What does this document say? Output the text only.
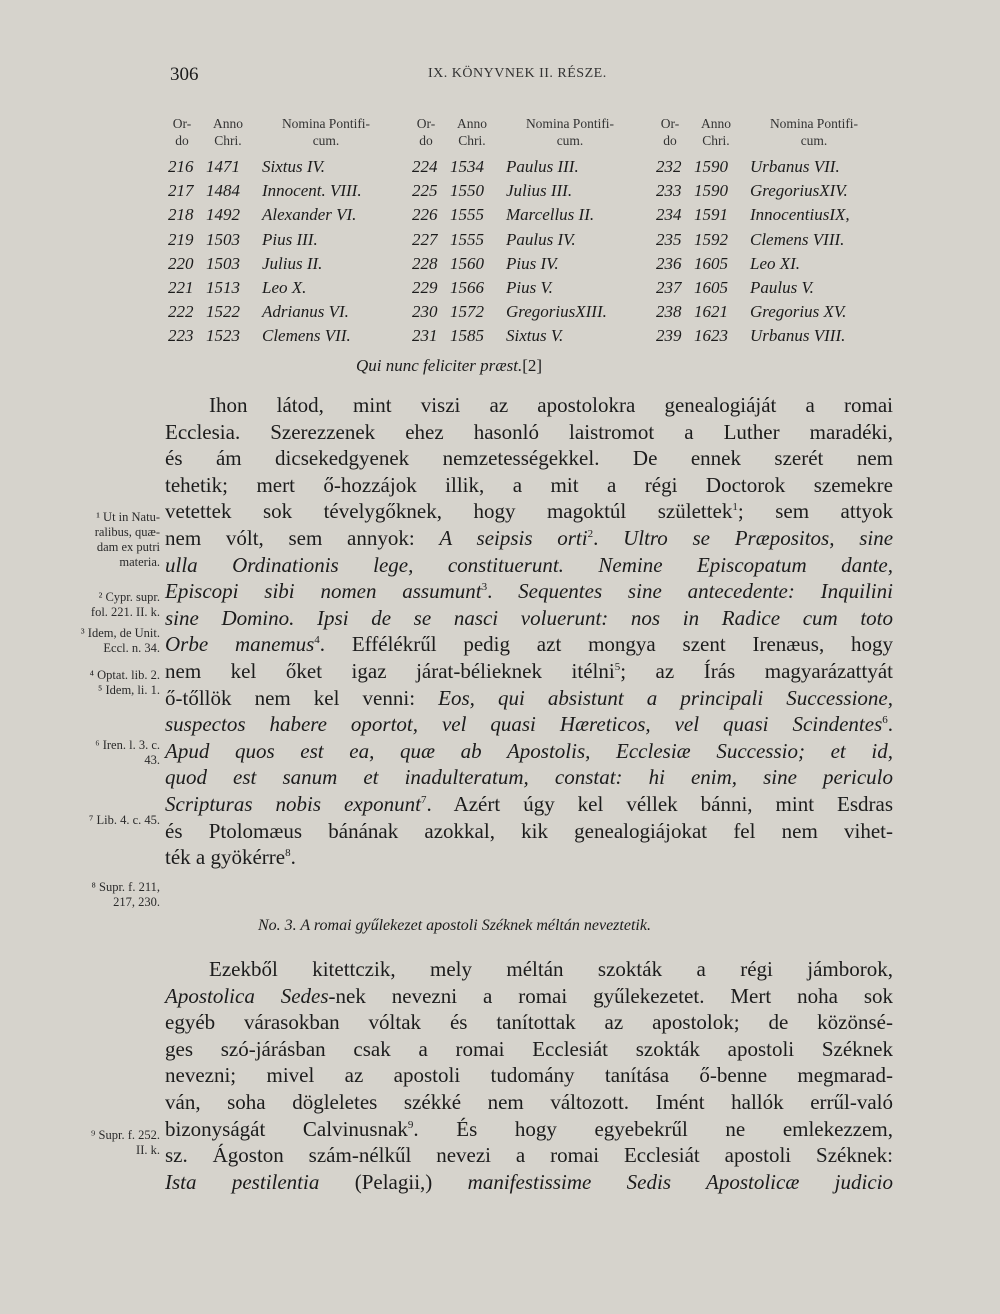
306	IX. KÖNYVNEK II. RÉSZE.
Or-
do
Anno
Chri.
Nomina Pontifi-
cum.
216 1471 Sixtus IV.
217 1484 Innocent. VIII.
218 1492 Alexander VI.
219 1503 Pius III.
220 1503 Julius II.
221 1513 Leo X.
222 1522 Adrianus VI.
223 1523 Clemens VII.
Or-
do
Anno
Chri.
Nomina Pontifi-
cum.
224 1534 Paulus III.
225 1550 Julius III.
226 1555 Marcellus II.
227 1555 Paulus IV.
228 1560 Pius IV.
229 1566 Pius V.
230 1572 GregoriusXIII.
231 1585 Sixtus V.
Or-
do
Anno
Chri.
Nomina Pontifi-
cum.
232 1590 Urbanus VII.
233 1590 GregoriusXIV.
234 1591 InnocentiusIX,
235 1592 Clemens VIII.
236 1605 Leo XI.
237 1605 Paulus V.
238 1621 Gregorius XV.
239 1623 Urbanus VIII.
Qui nunc feliciter præst.[2]
Ihon látod, mint viszi az apostolokra genealogiáját a romai
Ecclesia. Szerezzenek ehez hasonló laistromot a Luther maradéki,
és ám dicsekedgyenek nemzetességekkel. De ennek szerét nem
tehetik; mert ő-hozzájok illik, a mit a régi Doctorok szemekre
vetettek sok tévelygőknek, hogy magoktúl születtek$^1$; sem attyok
nem vólt, sem annyok: A seipsis orti$^2$. Ultro se Præpositos, sine
ulla Ordinationis lege, constituerunt. Nemine Episcopatum dante,
Episcopi sibi nomen assumunt$^3$. Sequentes sine antecedente: Inquilini
sine Domino. Ipsi de se nasci voluerunt: nos in Radice cum toto
Orbe manemus$^4$. Effélékrűl pedig azt mongya szent Irenæus, hogy
nem kel őket igaz járat-bélieknek itélni$^5$; az Írás magyarázattyát
ő-tőllök nem kel venni: Eos, qui absistunt a principali Successione,
suspectos habere oportot, vel quasi Hæreticos, vel quasi Scindentes$^6$.
Apud quos est ea, quæ ab Apostolis, Ecclesiæ Successio; et id,
quod est sanum et inadulteratum, constat: hi enim, sine periculo
Scripturas nobis exponunt$^7$. Azért úgy kel véllek bánni, mint Esdras
és Ptolomæus bánának azokkal, kik genealogiájokat fel nem vihet-
ték a gyökérre$^8$.
¹ Ut in Natu-
ralibus, quæ-
dam ex putri
materia.
² Cypr. supr.
fol. 221. II. k.
³ Idem, de Unit.
Eccl. n. 34.
⁴ Optat. lib. 2.
⁵ Idem, li. 1.
⁶ Iren. l. 3. c.
43.
⁷ Lib. 4. c. 45.
⁸ Supr. f. 211,
217, 230.
⁹ Supr. f. 252.
II. k.
No. 3. A romai gyűlekezet apostoli Széknek méltán neveztetik.
Ezekből kitettczik, mely méltán szokták a régi jámborok,
Apostolica Sedes-nek nevezni a romai gyűlekezetet. Mert noha sok
egyéb várasokban vóltak és tanítottak az apostolok; de közönsé-
ges szó-járásban csak a romai Ecclesiát szokták apostoli Széknek
nevezni; mivel az apostoli tudomány tanítása ő-benne megmarad-
ván, soha dögleletes székké nem változott. Imént hallók errűl-való
bizonyságát Calvinusnak$^9$. És hogy egyebekrűl ne emlekezzem,
sz. Ágoston szám-nélkűl nevezi a romai Ecclesiát apostoli Széknek:
Ista pestilentia (Pelagii,) manifestissime Sedis Apostolicæ judicio
